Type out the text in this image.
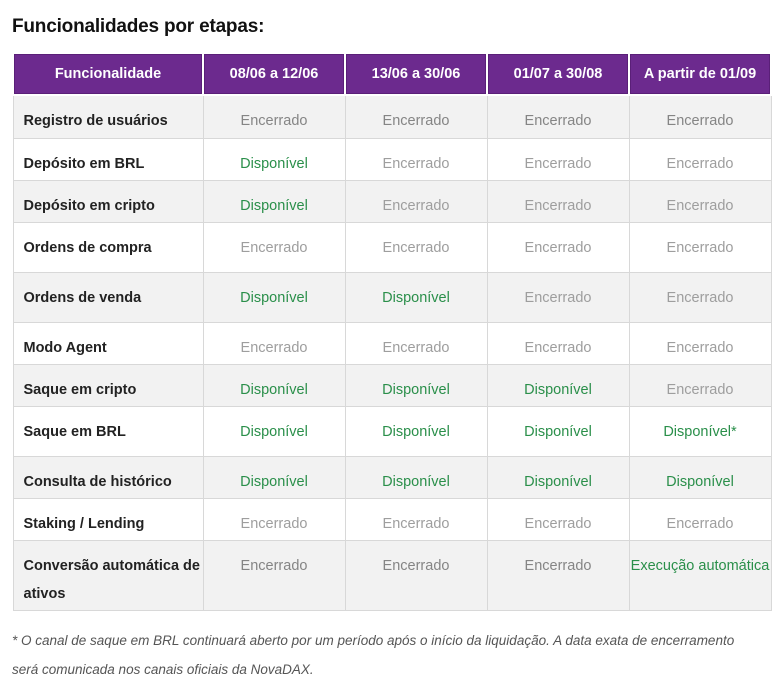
Funcionalidades por etapas:
Funcionalidade	08/06 a 12/06	13/06 a 30/06	01/07 a 30/08	A partir de 01/09
Registro de usuários	Encerrado	Encerrado	Encerrado	Encerrado
Depósito em BRL	Disponível	Encerrado	Encerrado	Encerrado
Depósito em cripto	Disponível	Encerrado	Encerrado	Encerrado
Ordens de compra	Encerrado	Encerrado	Encerrado	Encerrado
Ordens de venda	Disponível	Disponível	Encerrado	Encerrado
Modo Agent	Encerrado	Encerrado	Encerrado	Encerrado
Saque em cripto	Disponível	Disponível	Disponível	Encerrado
Saque em BRL	Disponível	Disponível	Disponível	Disponível*
Consulta de histórico	Disponível	Disponível	Disponível	Disponível
Staking / Lending	Encerrado	Encerrado	Encerrado	Encerrado
Conversão automática de ativos	Encerrado	Encerrado	Encerrado	Execução automática

* O canal de saque em BRL continuará aberto por um período após o início da liquidação. A data exata de encerramento será comunicada nos canais oficiais da NovaDAX.
